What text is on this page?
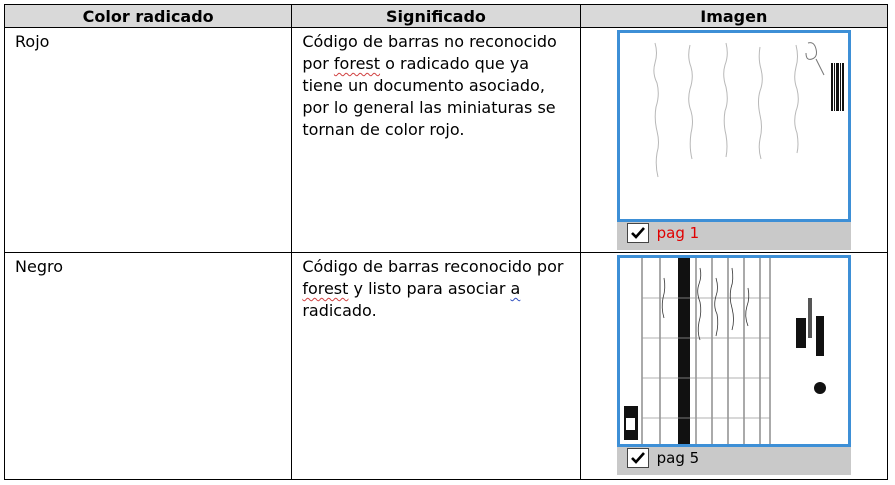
Color radicado	Significado	Imagen

Rojo	Código de barras no reconocido por forest o radicado que ya tiene un documento asociado, por lo general las miniaturas se tornan de color rojo.	pag 1

Negro	Código de barras reconocido por forest y listo para asociar a radicado.	pag 5
